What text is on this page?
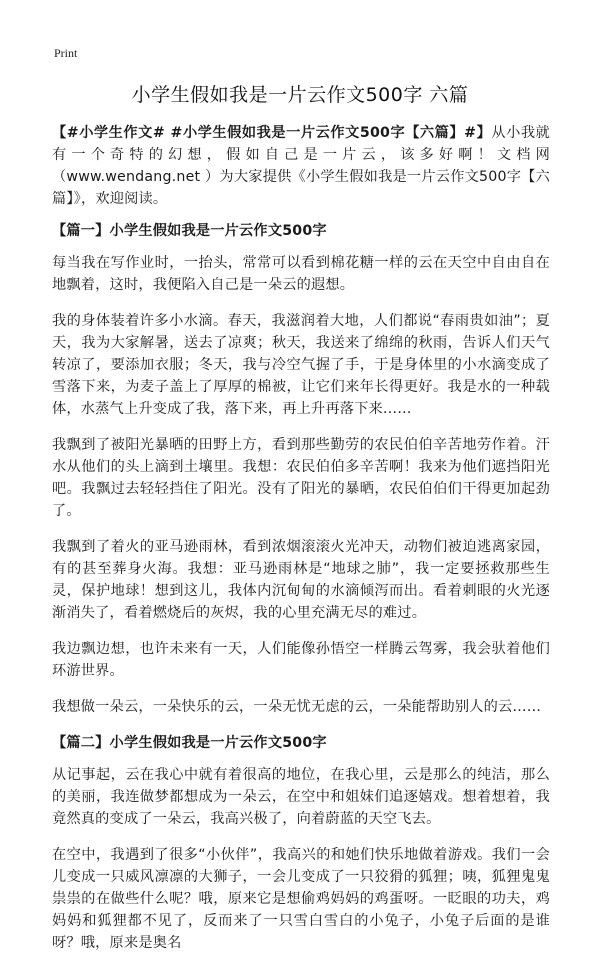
Print
小学生假如我是一片云作文500字 六篇

【#小学生作文# #小学生假如我是一片云作文500字【六篇】#】从小我就有一个奇特的幻想，假如自己是一片云，该多好啊！文档网（www.wendang.net ）为大家提供《小学生假如我是一片云作文500字【六篇】》，欢迎阅读。

【篇一】小学生假如我是一片云作文500字

每当我在写作业时，一抬头，常常可以看到棉花糖一样的云在天空中自由自在地飘着，这时，我便陷入自己是一朵云的遐想。

我的身体装着许多小水滴。春天，我滋润着大地，人们都说“春雨贵如油”；夏天，我为大家解暑，送去了凉爽；秋天，我送来了绵绵的秋雨，告诉人们天气转凉了，要添加衣服；冬天，我与冷空气握了手，于是身体里的小水滴变成了雪落下来，为麦子盖上了厚厚的棉被，让它们来年长得更好。我是水的一种载体，水蒸气上升变成了我，落下来，再上升再落下来……

我飘到了被阳光暴晒的田野上方，看到那些勤劳的农民伯伯辛苦地劳作着。汗水从他们的头上滴到土壤里。我想：农民伯伯多辛苦啊！我来为他们遮挡阳光吧。我飘过去轻轻挡住了阳光。没有了阳光的暴晒，农民伯伯们干得更加起劲了。

我飘到了着火的亚马逊雨林，看到浓烟滚滚火光冲天，动物们被迫逃离家园，有的甚至葬身火海。我想：亚马逊雨林是“地球之肺”，我一定要拯救那些生灵，保护地球！想到这儿，我体内沉甸甸的水滴倾泻而出。看着刺眼的火光逐渐消失了，看着燃烧后的灰烬，我的心里充满无尽的难过。

我边飘边想，也许未来有一天，人们能像孙悟空一样腾云驾雾，我会驮着他们环游世界。

我想做一朵云，一朵快乐的云，一朵无忧无虑的云，一朵能帮助别人的云……

【篇二】小学生假如我是一片云作文500字

从记事起，云在我心中就有着很高的地位，在我心里，云是那么的纯洁，那么的美丽，我连做梦都想成为一朵云，在空中和姐妹们追逐嬉戏。想着想着，我竟然真的变成了一朵云，我高兴极了，向着蔚蓝的天空飞去。

在空中，我遇到了很多“小伙伴”，我高兴的和她们快乐地做着游戏。我们一会儿变成一只威风凛凛的大狮子，一会儿变成了一只狡猾的狐狸；咦，狐狸鬼鬼祟祟的在做些什么呢？哦，原来它是想偷鸡妈妈的鸡蛋呀。一眨眼的功夫，鸡妈妈和狐狸都不见了，反而来了一只雪白雪白的小兔子，小兔子后面的是谁呀？哦，原来是奥名
